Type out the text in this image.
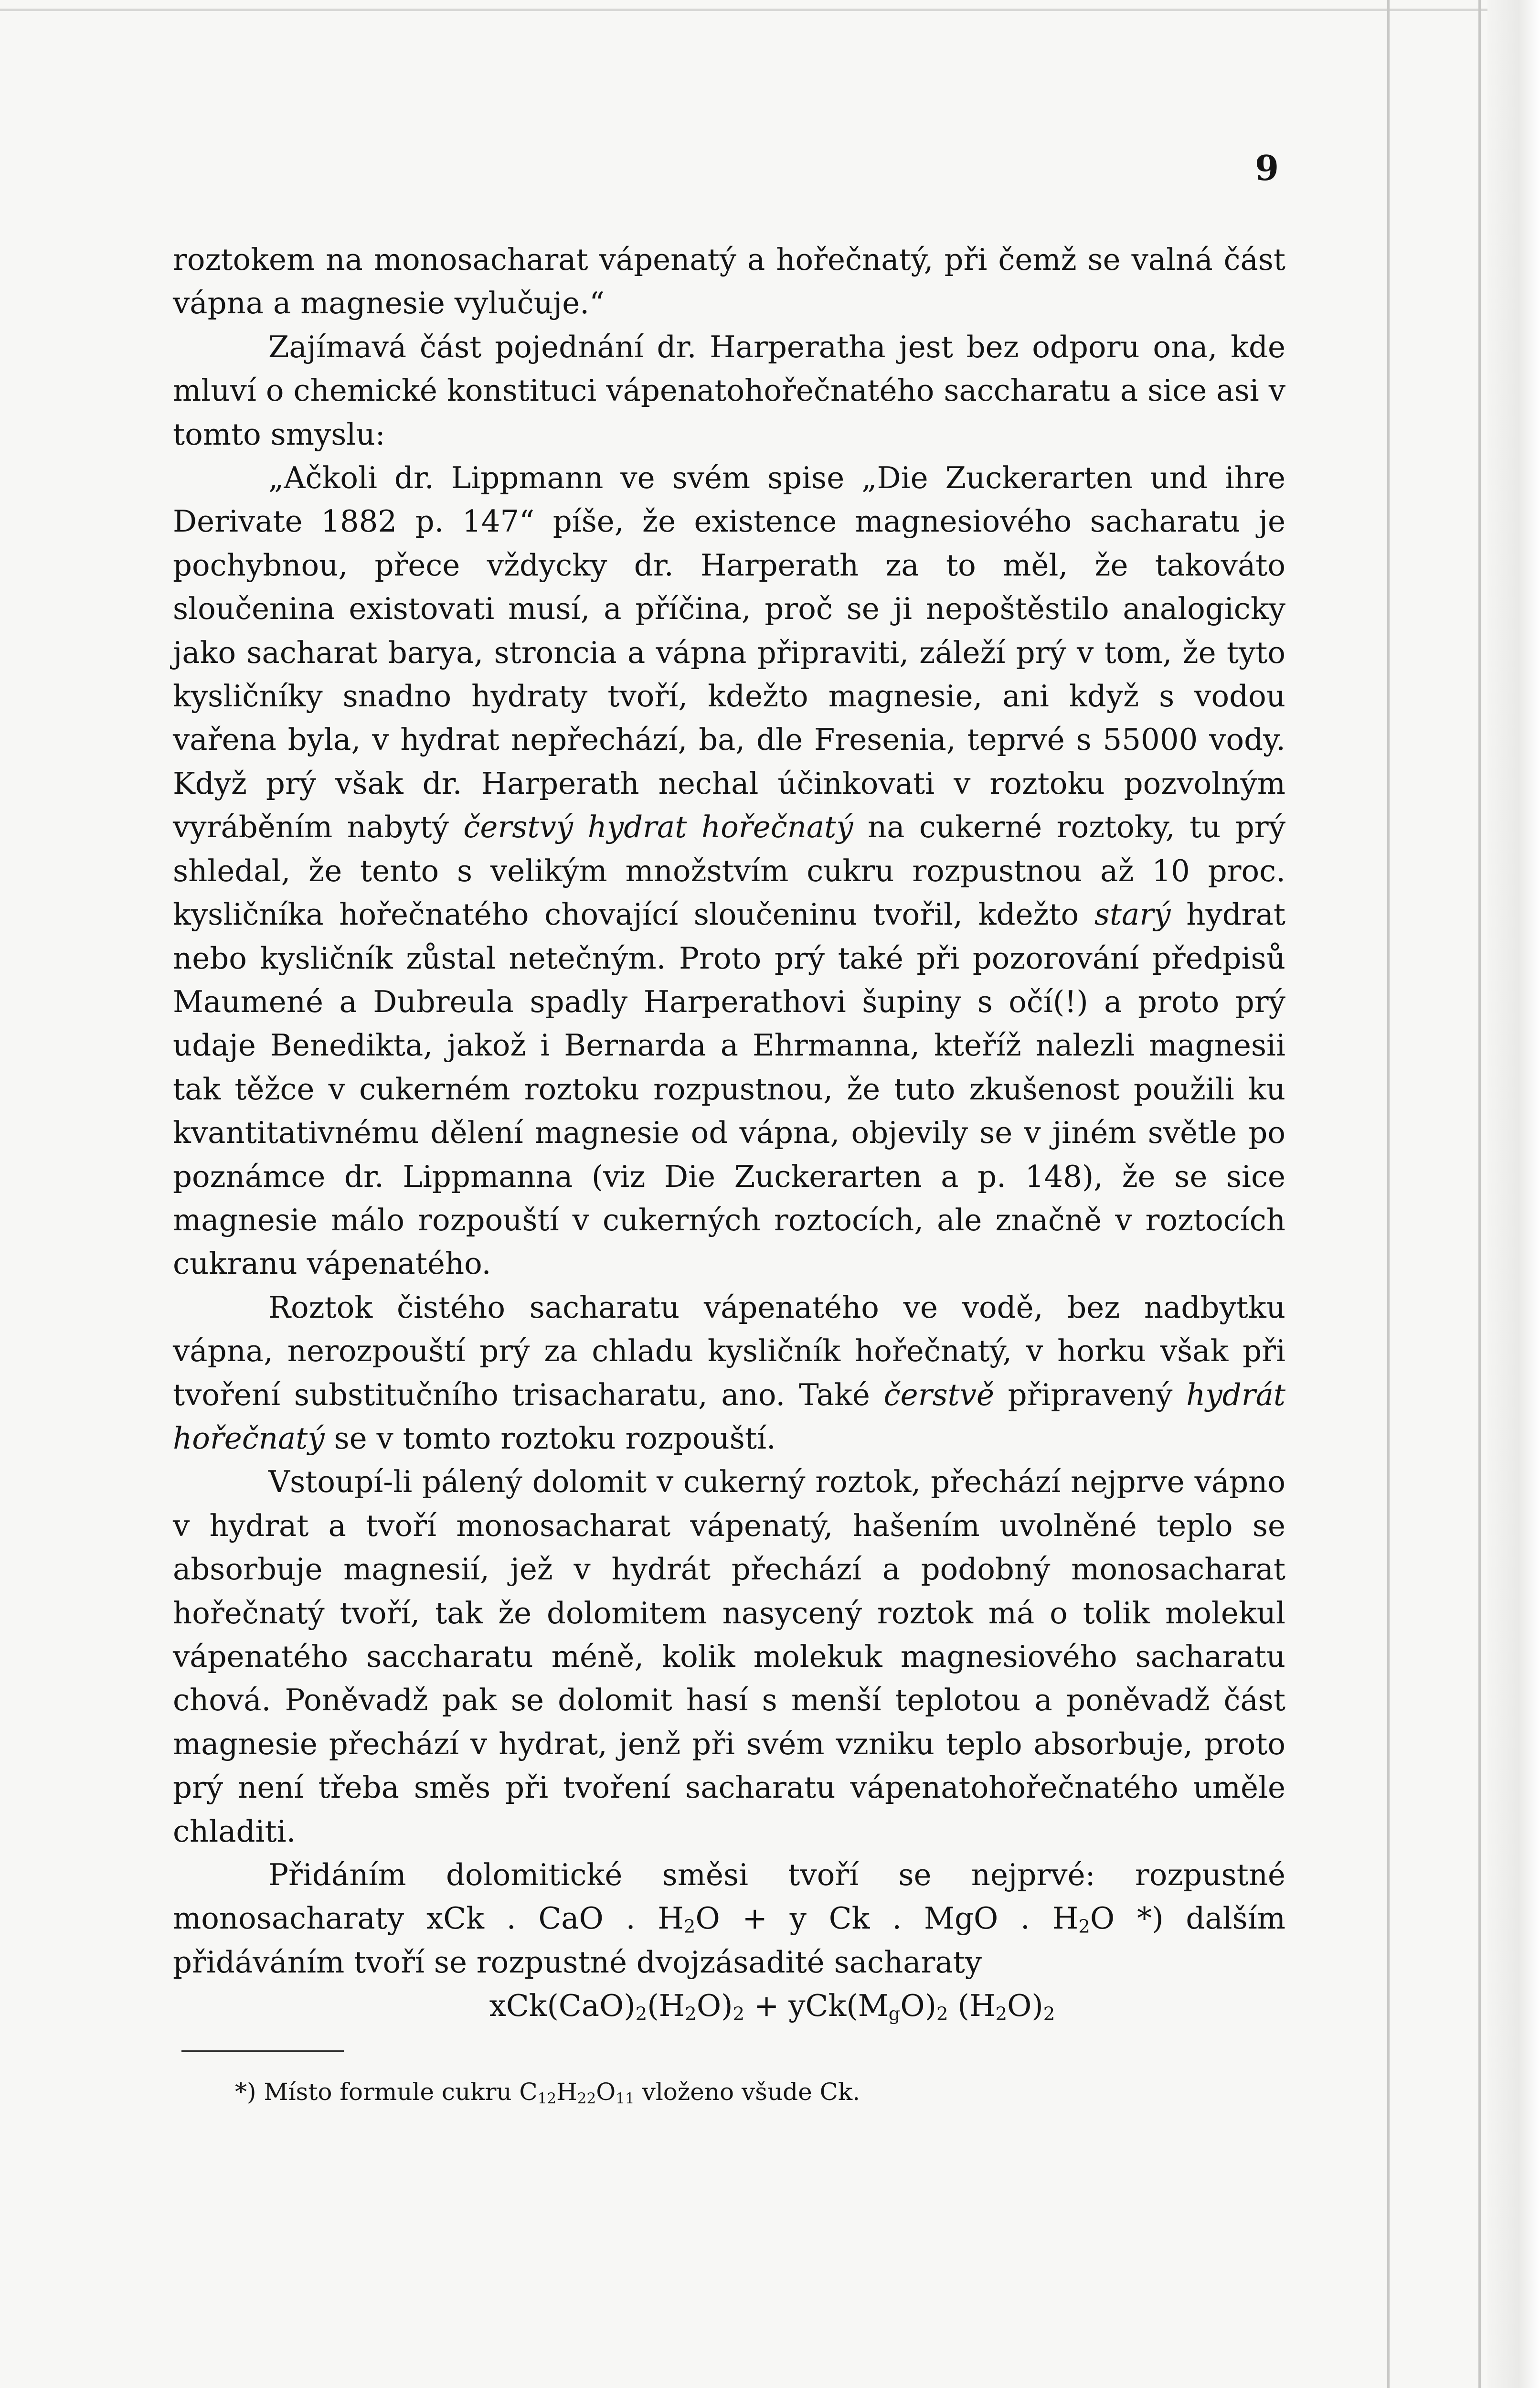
9

roztokem na monosacharat vápenatý a hořečnatý, při čemž se valná část vápna a magnesie vylučuje.“

Zajímavá část pojednání dr. Harperatha jest bez odporu ona, kde mluví o chemické konstituci vápenatohořečnatého saccharatu a sice asi v tomto smyslu:

„Ačkoli dr. Lippmann ve svém spise „Die Zuckerarten und ihre Derivate 1882 p. 147“ píše, že existence magnesiového sacharatu je pochybnou, přece vždycky dr. Harperath za to měl, že takováto sloučenina existovati musí, a příčina, proč se ji nepoštěstilo analogicky jako sacharat barya, stroncia a vápna připraviti, záleží prý v tom, že tyto kysličníky snadno hydraty tvoří, kdežto magnesie, ani když s vodou vařena byla, v hydrat nepřechází, ba, dle Fresenia, teprvé s 55000 vody. Když prý však dr. Harperath nechal účinkovati v roztoku pozvolným vyráběním nabytý čerstvý hydrat hořečnatý na cukerné roztoky, tu prý shledal, že tento s velikým množstvím cukru rozpustnou až 10 proc. kysličníka hořečnatého chovající sloučeninu tvořil, kdežto starý hydrat nebo kysličník zůstal netečným. Proto prý také při pozorování předpisů Maumené a Dubreula spadly Harperathovi šupiny s očí(!) a proto prý udaje Benedikta, jakož i Bernarda a Ehrmanna, kteříž nalezli magnesii tak těžce v cukerném roztoku rozpustnou, že tuto zkušenost použili ku kvantitativnému dělení magnesie od vápna, objevily se v jiném světle po poznámce dr. Lippmanna (viz Die Zuckerarten a p. 148), že se sice magnesie málo rozpouští v cukerných roztocích, ale značně v roztocích cukranu vápenatého.

Roztok čistého sacharatu vápenatého ve vodě, bez nadbytku vápna, nerozpouští prý za chladu kysličník hořečnatý, v horku však při tvoření substitučního trisacharatu, ano. Také čerstvě připravený hydrát hořečnatý se v tomto roztoku rozpouští.

Vstoupí-li pálený dolomit v cukerný roztok, přechází nejprve vápno v hydrat a tvoří monosacharat vápenatý, hašením uvolněné teplo se absorbuje magnesií, jež v hydrát přechází a podobný monosacharat hořečnatý tvoří, tak že dolomitem nasycený roztok má o tolik molekul vápenatého saccharatu méně, kolik molekuk magnesiového sacharatu chová. Poněvadž pak se dolomit hasí s menší teplotou a poněvadž část magnesie přechází v hydrat, jenž při svém vzniku teplo absorbuje, proto prý není třeba směs při tvoření sacharatu vápenatohořečnatého uměle chladiti.

Přidáním dolomitické směsi tvoří se nejprvé: rozpustné monosacharaty xCk . CaO . $H_2O + y$ Ck . MgO . $H_2O$ *) dalším přidáváním tvoří se rozpustné dvojzásadité sacharaty

$xCk(CaO)_2(H_2O)_2 + yCk(M_gO)_2$ $(H_2O)_2$

*) Místo formule cukru $C_{12}H_{22}O_{11}$ vloženo všude Ck.
